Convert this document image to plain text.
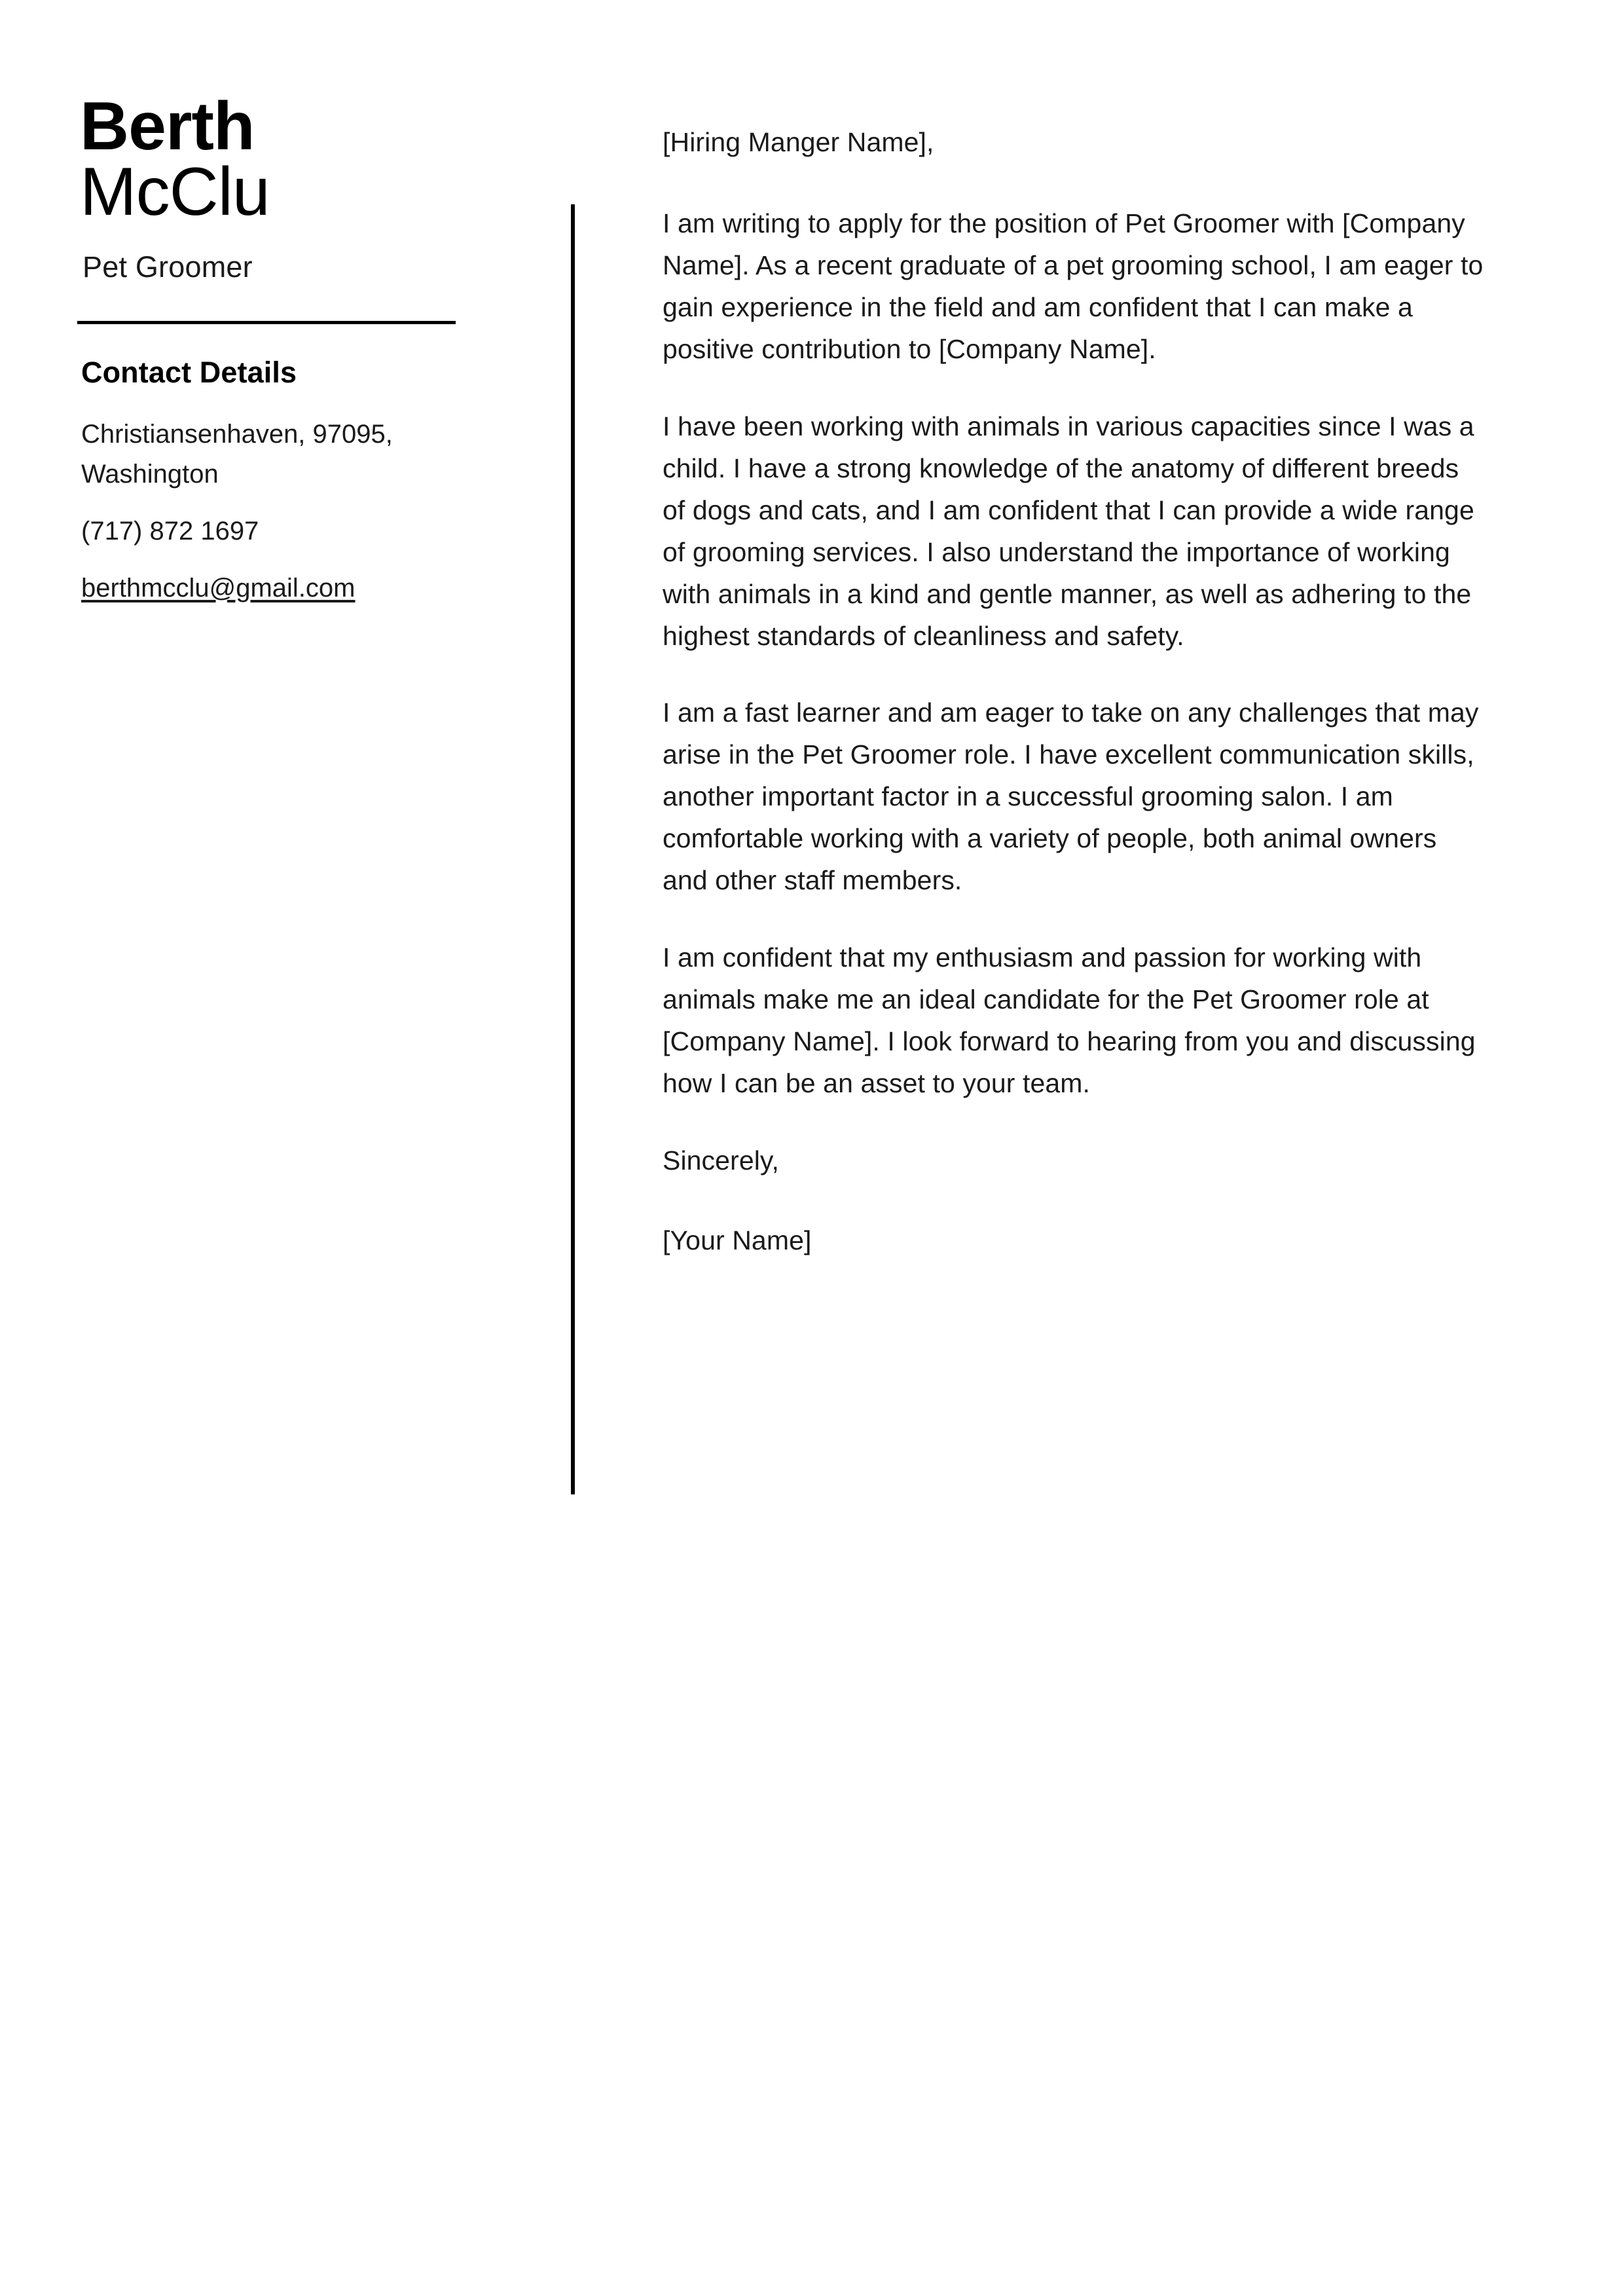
Berth
McClu
Pet Groomer
Contact Details
Christiansenhaven, 97095, Washington
(717) 872 1697
berthmcclu@gmail.com

[Hiring Manger Name],

I am writing to apply for the position of Pet Groomer with [Company Name]. As a recent graduate of a pet grooming school, I am eager to gain experience in the field and am confident that I can make a positive contribution to [Company Name].

I have been working with animals in various capacities since I was a child. I have a strong knowledge of the anatomy of different breeds of dogs and cats, and I am confident that I can provide a wide range of grooming services. I also understand the importance of working with animals in a kind and gentle manner, as well as adhering to the highest standards of cleanliness and safety.

I am a fast learner and am eager to take on any challenges that may arise in the Pet Groomer role. I have excellent communication skills, another important factor in a successful grooming salon. I am comfortable working with a variety of people, both animal owners and other staff members.

I am confident that my enthusiasm and passion for working with animals make me an ideal candidate for the Pet Groomer role at [Company Name]. I look forward to hearing from you and discussing how I can be an asset to your team.

Sincerely,

[Your Name]
